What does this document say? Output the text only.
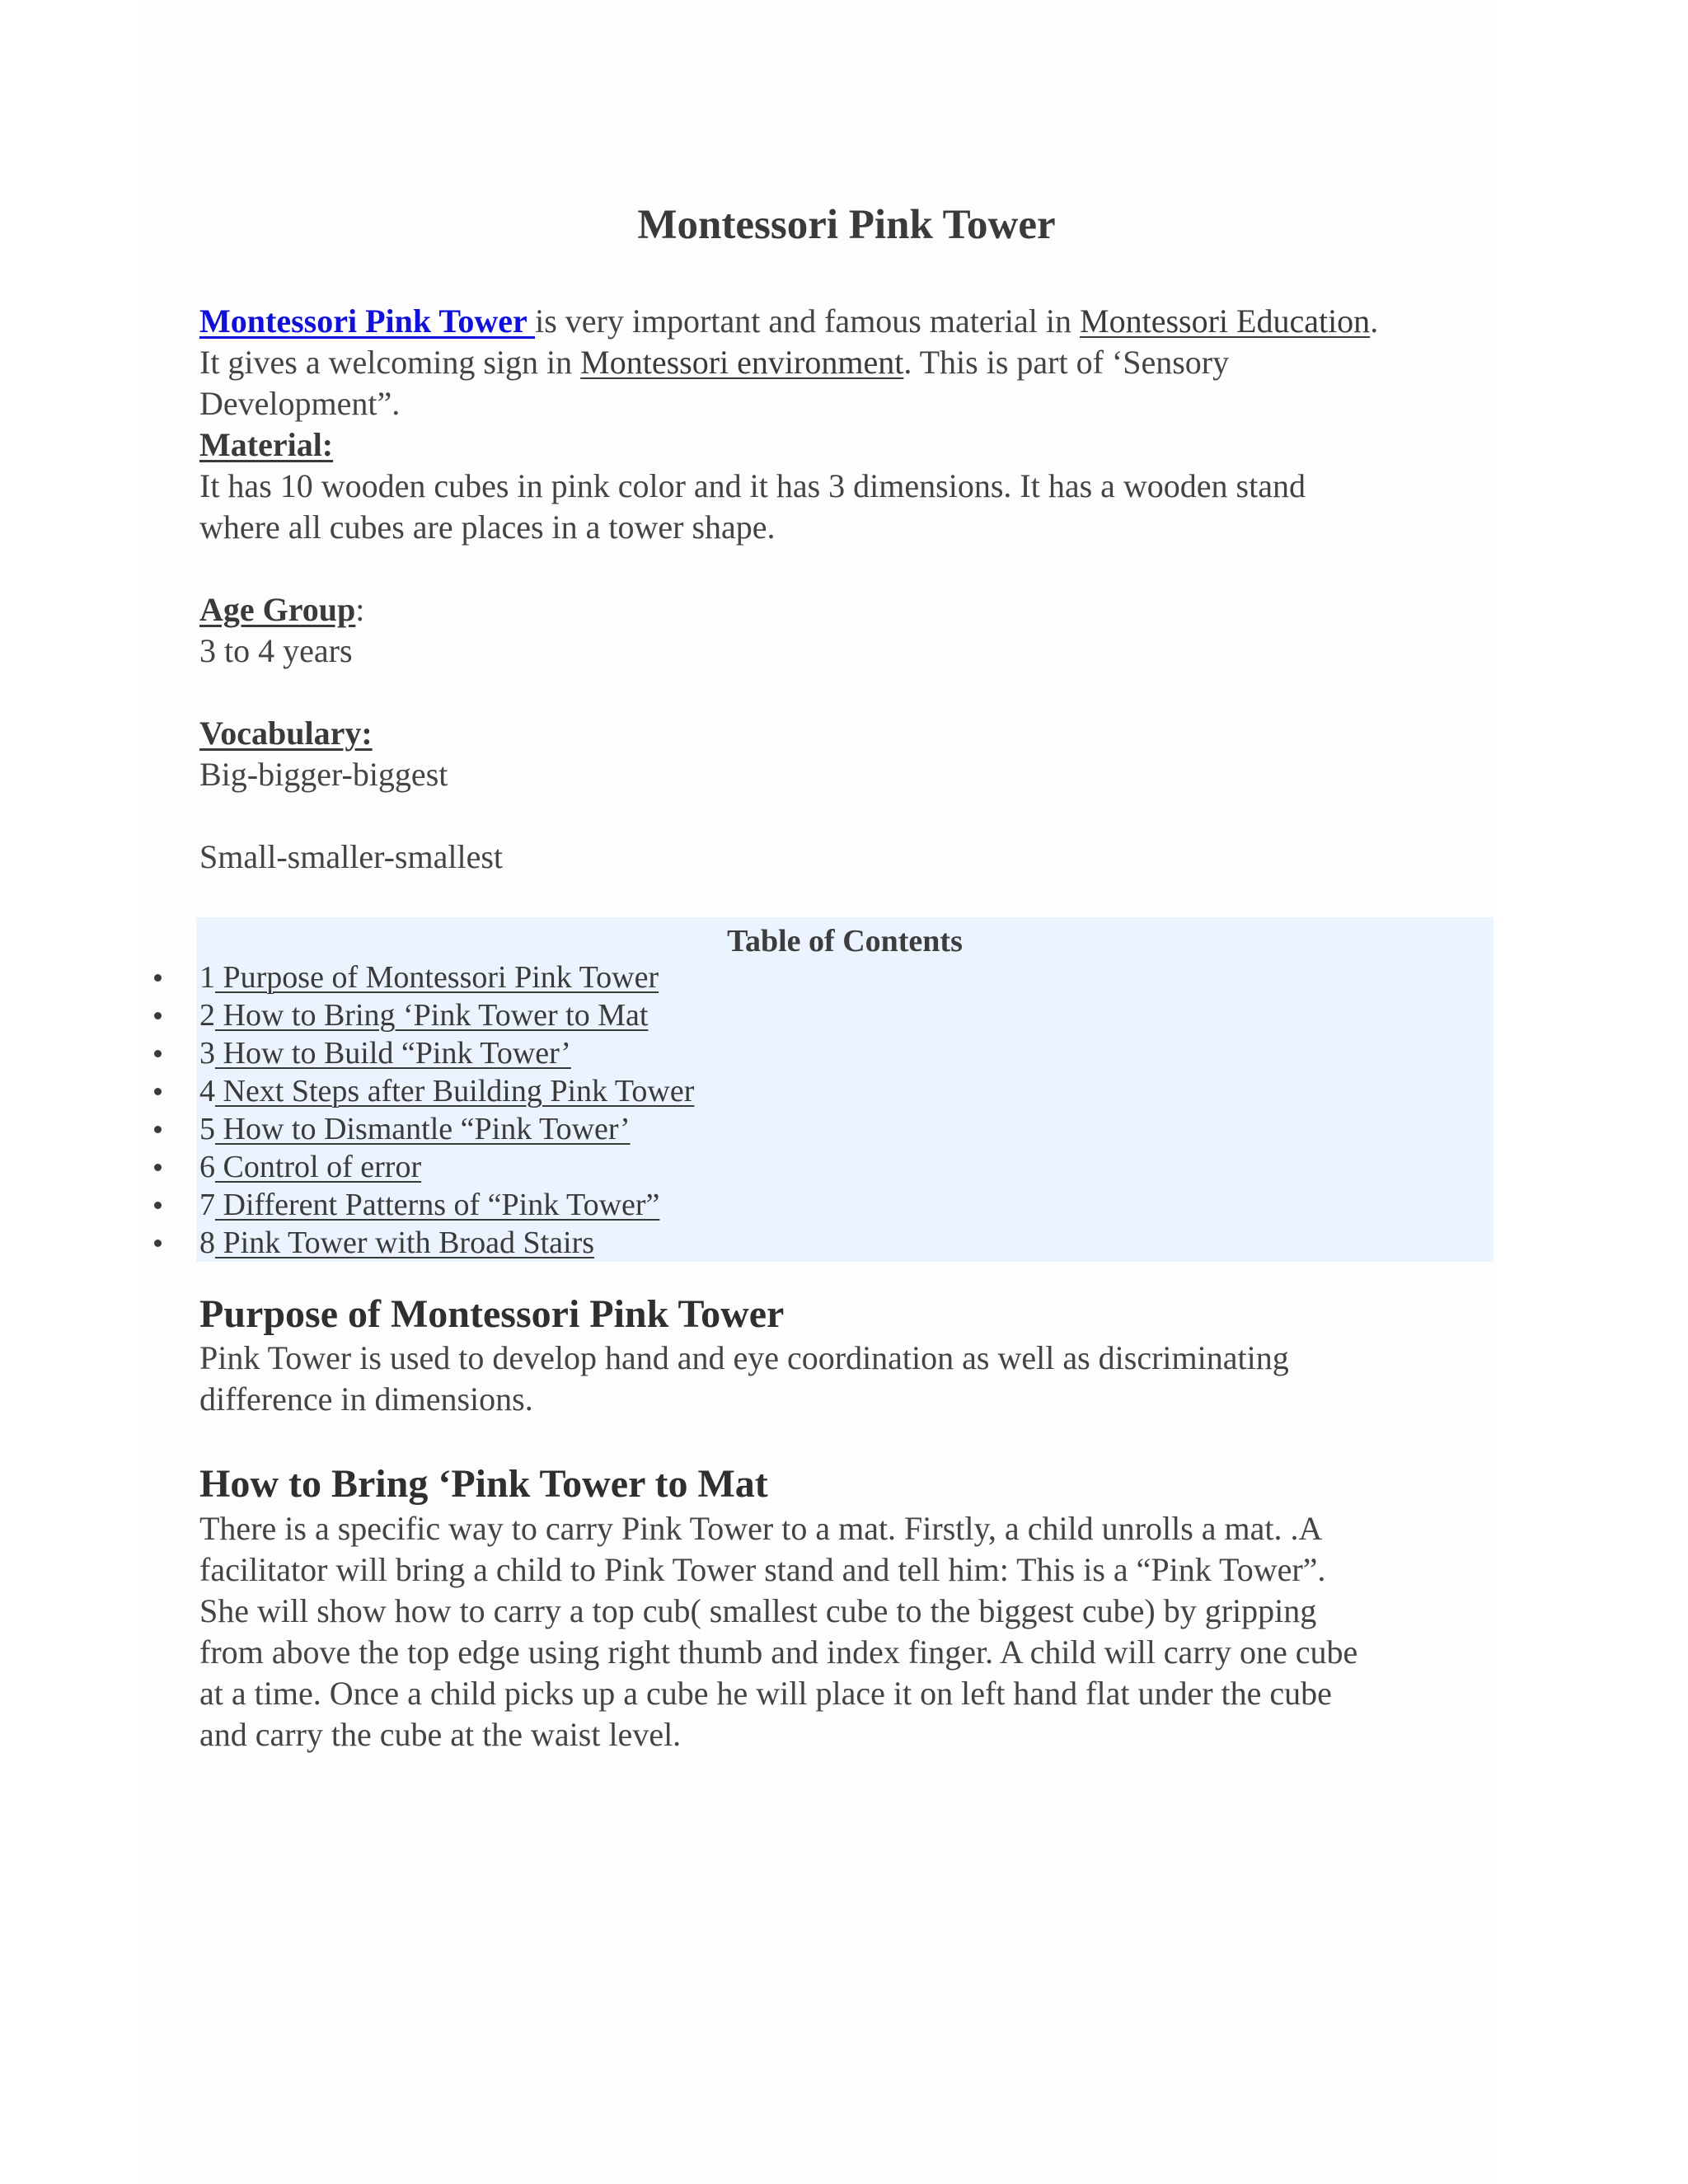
Table of Contents
Montessori Pink Tower
Montessori Pink Tower is very important and famous material in Montessori Education.
It gives a welcoming sign in Montessori environment. This is part of ‘Sensory
Development”.
Material:
It has 10 wooden cubes in pink color and it has 3 dimensions. It has a wooden stand
where all cubes are places in a tower shape.
Age Group:
3 to 4 years
Vocabulary:
Big-bigger-biggest
Small-smaller-smallest
1 Purpose of Montessori Pink Tower
2 How to Bring ‘Pink Tower to Mat
3 How to Build “Pink Tower’
4 Next Steps after Building Pink Tower
5 How to Dismantle “Pink Tower’
6 Control of error
7 Different Patterns of “Pink Tower”
8 Pink Tower with Broad Stairs
Purpose of Montessori Pink Tower
Pink Tower is used to develop hand and eye coordination as well as discriminating
difference in dimensions.
How to Bring ‘Pink Tower to Mat
There is a specific way to carry Pink Tower to a mat. Firstly, a child unrolls a mat. .A
facilitator will bring a child to Pink Tower stand and tell him: This is a “Pink Tower”.
She will show how to carry a top cub( smallest cube to the biggest cube) by gripping
from above the top edge using right thumb and index finger. A child will carry one cube
at a time. Once a child picks up a cube he will place it on left hand flat under the cube
and carry the cube at the waist level.
